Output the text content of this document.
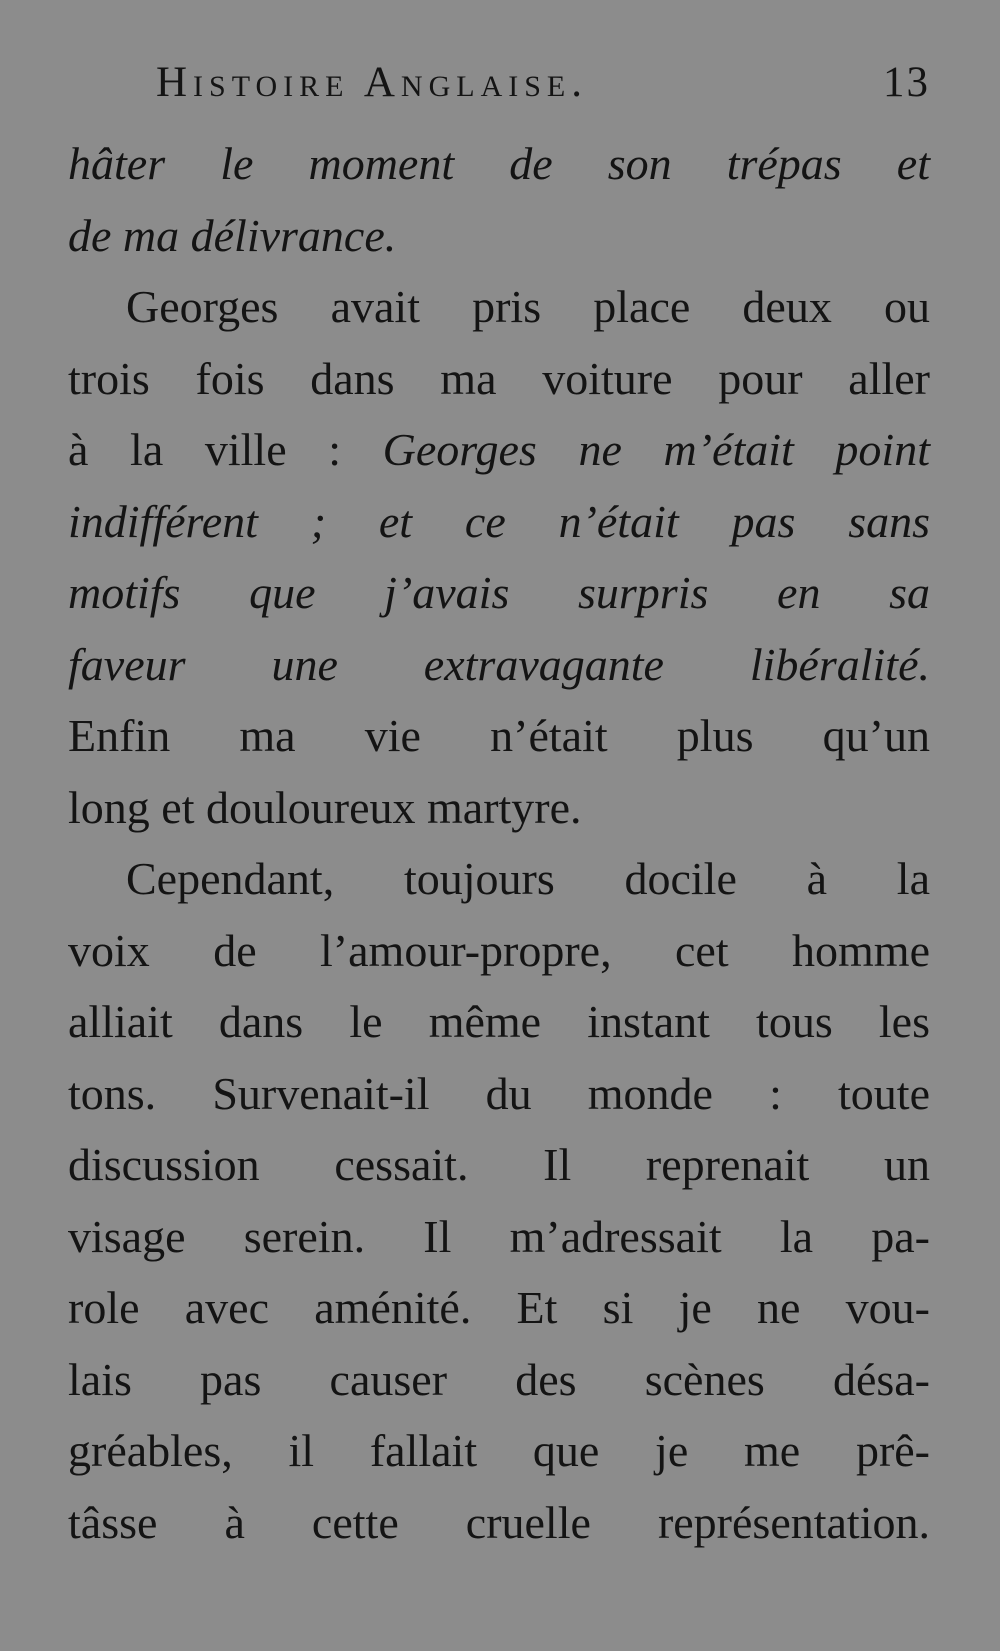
Histoire Anglaise.	13
hâter le moment de son trépas et
de ma délivrance.
Georges avait pris place deux ou
trois fois dans ma voiture pour aller
à la ville : Georges ne m’était point
indifférent ; et ce n’était pas sans
motifs que j’avais surpris en sa
faveur une extravagante libéralité.
Enfin ma vie n’était plus qu’un
long et douloureux martyre.
Cependant, toujours docile à la
voix de l’amour-propre, cet homme
alliait dans le même instant tous les
tons. Survenait-il du monde : toute
discussion cessait. Il reprenait un
visage serein. Il m’adressait la pa-
role avec aménité. Et si je ne vou-
lais pas causer des scènes désa-
gréables, il fallait que je me prê-
tâsse à cette cruelle représentation.
